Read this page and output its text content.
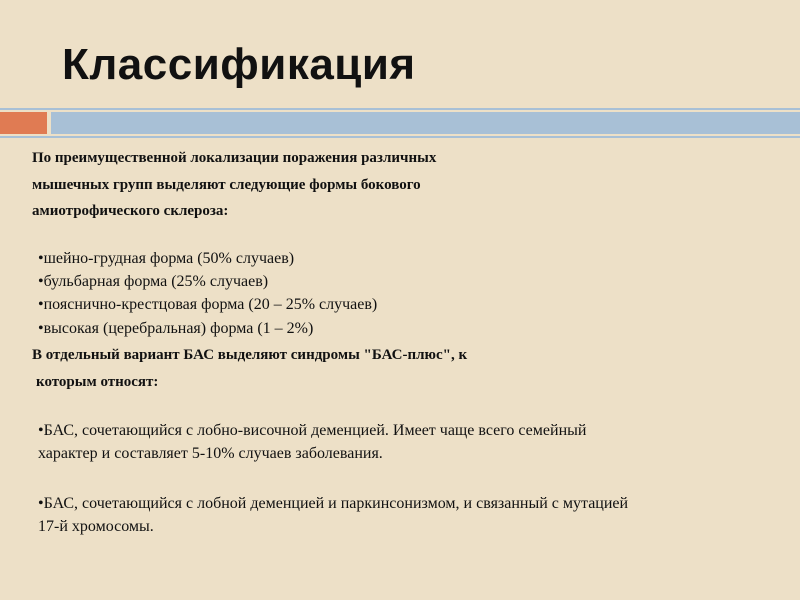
Классификация
По преимущественной локализации поражения различных
мышечных групп выделяют следующие формы бокового
амиотрофического склероза:
•шейно-грудная форма (50% случаев)
•бульбарная форма (25% случаев)
•пояснично-крестцовая форма (20 – 25% случаев)
•высокая (церебральная) форма (1 – 2%)
В отдельный вариант БАС выделяют синдромы "БАС-плюс", к
которым относят:
•БАС, сочетающийся с лобно-височной деменцией. Имеет чаще всего семейный
характер и составляет 5-10% случаев заболевания.
•БАС, сочетающийся с лобной деменцией и паркинсонизмом, и связанный с мутацией
17-й хромосомы.
